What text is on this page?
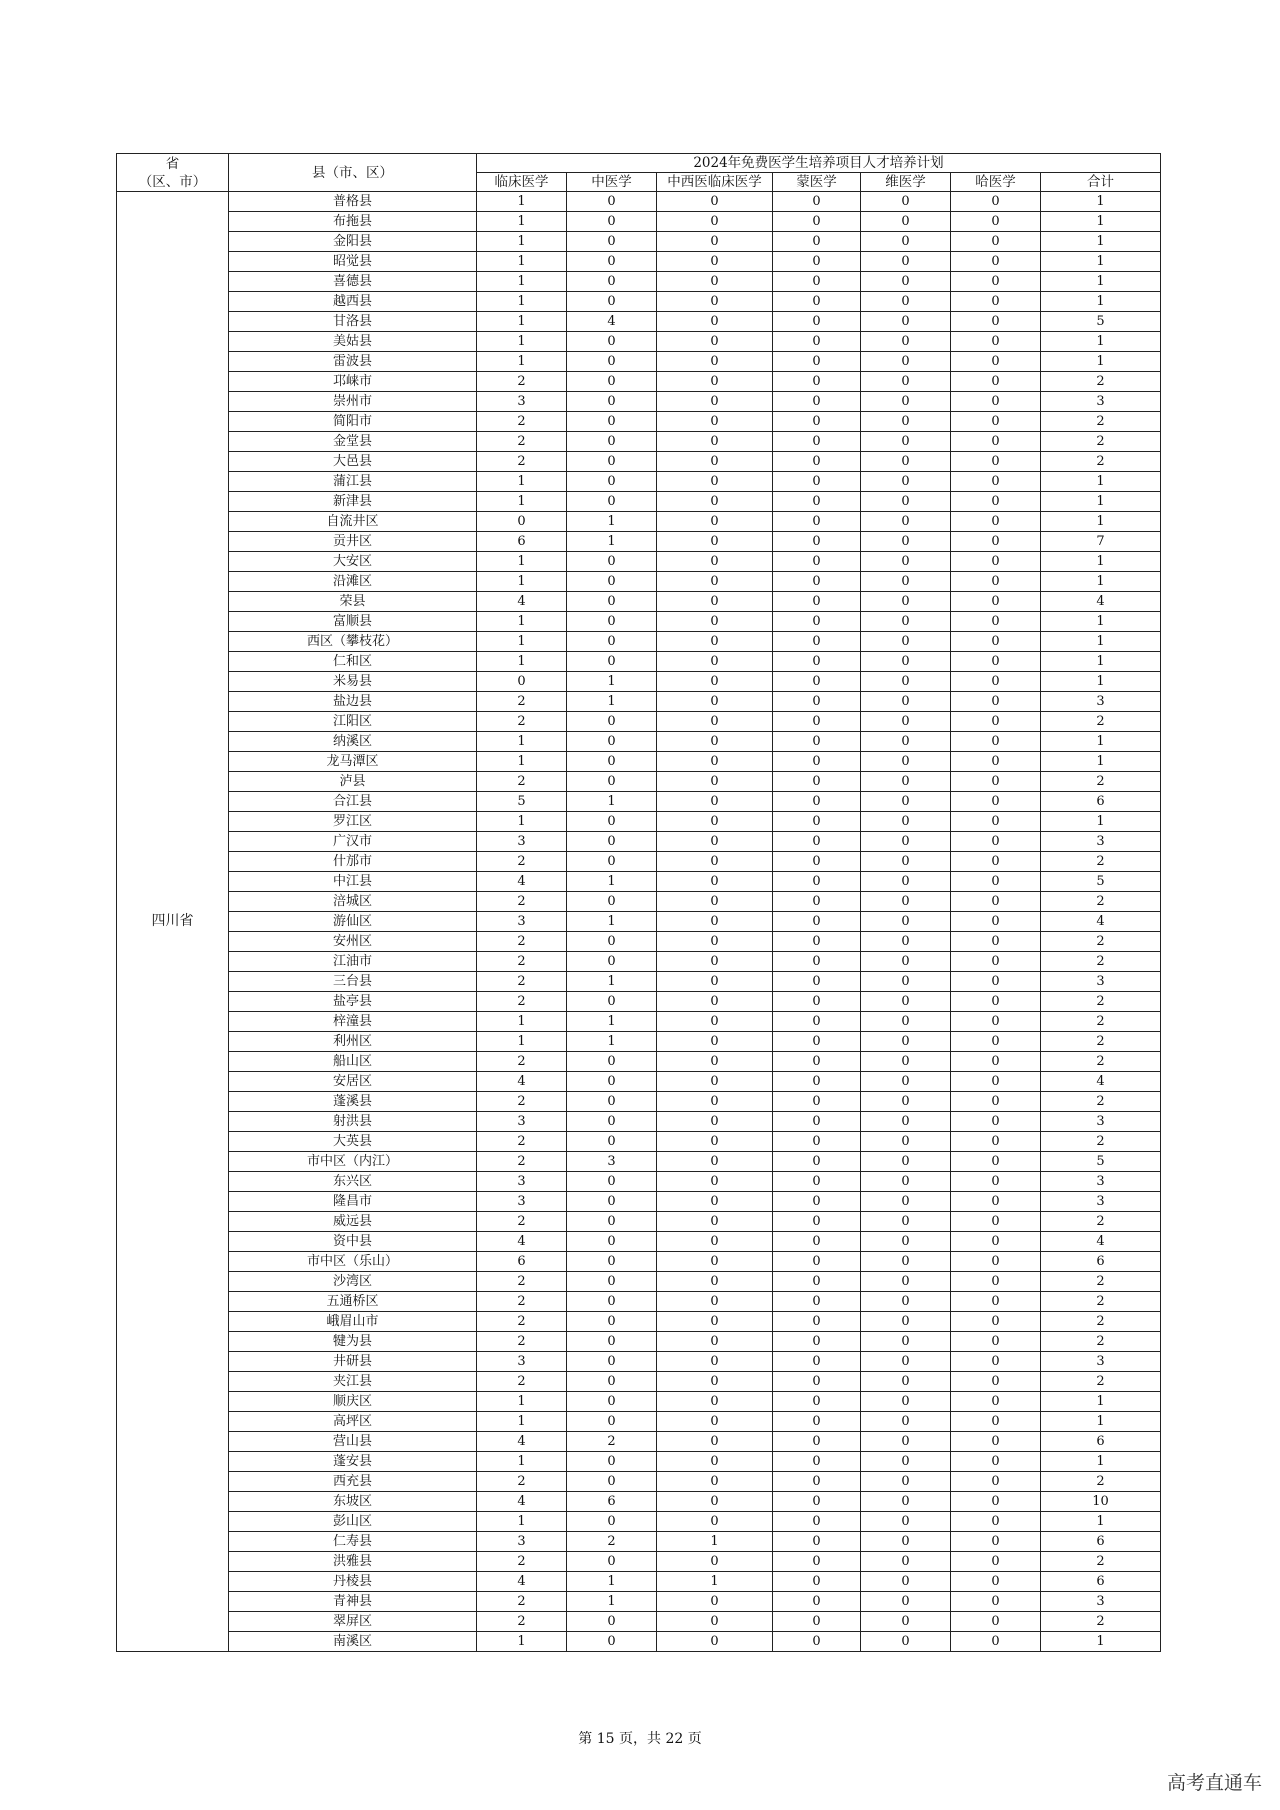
省
（区、市）	县（市、区）	2024年免费医学生培养项目人才培养计划						
		临床医学	中医学	中西医临床医学	蒙医学	维医学	哈医学	合计
四川省	普格县	1	0	0	0	0	0	1
	布拖县	1	0	0	0	0	0	1
	金阳县	1	0	0	0	0	0	1
	昭觉县	1	0	0	0	0	0	1
	喜德县	1	0	0	0	0	0	1
	越西县	1	0	0	0	0	0	1
	甘洛县	1	4	0	0	0	0	5
	美姑县	1	0	0	0	0	0	1
	雷波县	1	0	0	0	0	0	1
	邛崃市	2	0	0	0	0	0	2
	崇州市	3	0	0	0	0	0	3
	简阳市	2	0	0	0	0	0	2
	金堂县	2	0	0	0	0	0	2
	大邑县	2	0	0	0	0	0	2
	蒲江县	1	0	0	0	0	0	1
	新津县	1	0	0	0	0	0	1
	自流井区	0	1	0	0	0	0	1
	贡井区	6	1	0	0	0	0	7
	大安区	1	0	0	0	0	0	1
	沿滩区	1	0	0	0	0	0	1
	荣县	4	0	0	0	0	0	4
	富顺县	1	0	0	0	0	0	1
	西区（攀枝花）	1	0	0	0	0	0	1
	仁和区	1	0	0	0	0	0	1
	米易县	0	1	0	0	0	0	1
	盐边县	2	1	0	0	0	0	3
	江阳区	2	0	0	0	0	0	2
	纳溪区	1	0	0	0	0	0	1
	龙马潭区	1	0	0	0	0	0	1
	泸县	2	0	0	0	0	0	2
	合江县	5	1	0	0	0	0	6
	罗江区	1	0	0	0	0	0	1
	广汉市	3	0	0	0	0	0	3
	什邡市	2	0	0	0	0	0	2
	中江县	4	1	0	0	0	0	5
	涪城区	2	0	0	0	0	0	2
	游仙区	3	1	0	0	0	0	4
	安州区	2	0	0	0	0	0	2
	江油市	2	0	0	0	0	0	2
	三台县	2	1	0	0	0	0	3
	盐亭县	2	0	0	0	0	0	2
	梓潼县	1	1	0	0	0	0	2
	利州区	1	1	0	0	0	0	2
	船山区	2	0	0	0	0	0	2
	安居区	4	0	0	0	0	0	4
	蓬溪县	2	0	0	0	0	0	2
	射洪县	3	0	0	0	0	0	3
	大英县	2	0	0	0	0	0	2
	市中区（内江）	2	3	0	0	0	0	5
	东兴区	3	0	0	0	0	0	3
	隆昌市	3	0	0	0	0	0	3
	威远县	2	0	0	0	0	0	2
	资中县	4	0	0	0	0	0	4
	市中区（乐山）	6	0	0	0	0	0	6
	沙湾区	2	0	0	0	0	0	2
	五通桥区	2	0	0	0	0	0	2
	峨眉山市	2	0	0	0	0	0	2
	犍为县	2	0	0	0	0	0	2
	井研县	3	0	0	0	0	0	3
	夹江县	2	0	0	0	0	0	2
	顺庆区	1	0	0	0	0	0	1
	高坪区	1	0	0	0	0	0	1
	营山县	4	2	0	0	0	0	6
	蓬安县	1	0	0	0	0	0	1
	西充县	2	0	0	0	0	0	2
	东坡区	4	6	0	0	0	0	10
	彭山区	1	0	0	0	0	0	1
	仁寿县	3	2	1	0	0	0	6
	洪雅县	2	0	0	0	0	0	2
	丹棱县	4	1	1	0	0	0	6
	青神县	2	1	0	0	0	0	3
	翠屏区	2	0	0	0	0	0	2
	南溪区	1	0	0	0	0	0	1
第 15 页，共 22 页
高考直通车
